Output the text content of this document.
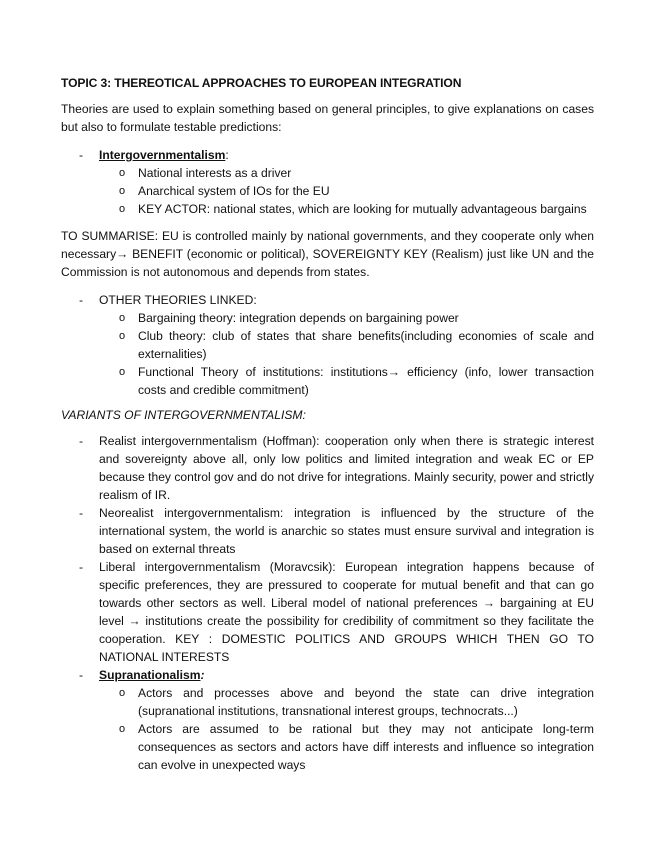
TOPIC 3: THEREOTICAL APPROACHES TO EUROPEAN INTEGRATION

Theories are used to explain something based on general principles, to give explanations on cases but also to formulate testable predictions:

- Intergovernmentalism:
o National interests as a driver
o Anarchical system of IOs for the EU
o KEY ACTOR: national states, which are looking for mutually advantageous bargains

TO SUMMARISE: EU is controlled mainly by national governments, and they cooperate only when necessary→ BENEFIT (economic or political), SOVEREIGNTY KEY (Realism) just like UN and the Commission is not autonomous and depends from states.

- OTHER THEORIES LINKED:
o Bargaining theory: integration depends on bargaining power
o Club theory: club of states that share benefits(including economies of scale and externalities)
o Functional Theory of institutions: institutions→ efficiency (info, lower transaction costs and credible commitment)
VARIANTS OF INTERGOVERNMENTALISM:
- Realist intergovernmentalism (Hoffman): cooperation only when there is strategic interest and sovereignty above all, only low politics and limited integration and weak EC or EP because they control gov and do not drive for integrations. Mainly security, power and strictly realism of IR.
- Neorealist intergovernmentalism: integration is influenced by the structure of the international system, the world is anarchic so states must ensure survival and integration is based on external threats
- Liberal intergovernmentalism (Moravcsik): European integration happens because of specific preferences, they are pressured to cooperate for mutual benefit and that can go towards other sectors as well. Liberal model of national preferences → bargaining at EU level → institutions create the possibility for credibility of commitment so they facilitate the cooperation. KEY : DOMESTIC POLITICS AND GROUPS WHICH THEN GO TO NATIONAL INTERESTS
- Supranationalism:
o Actors and processes above and beyond the state can drive integration (supranational institutions, transnational interest groups, technocrats...)
o Actors are assumed to be rational but they may not anticipate long-term consequences as sectors and actors have diff interests and influence so integration can evolve in unexpected ways
